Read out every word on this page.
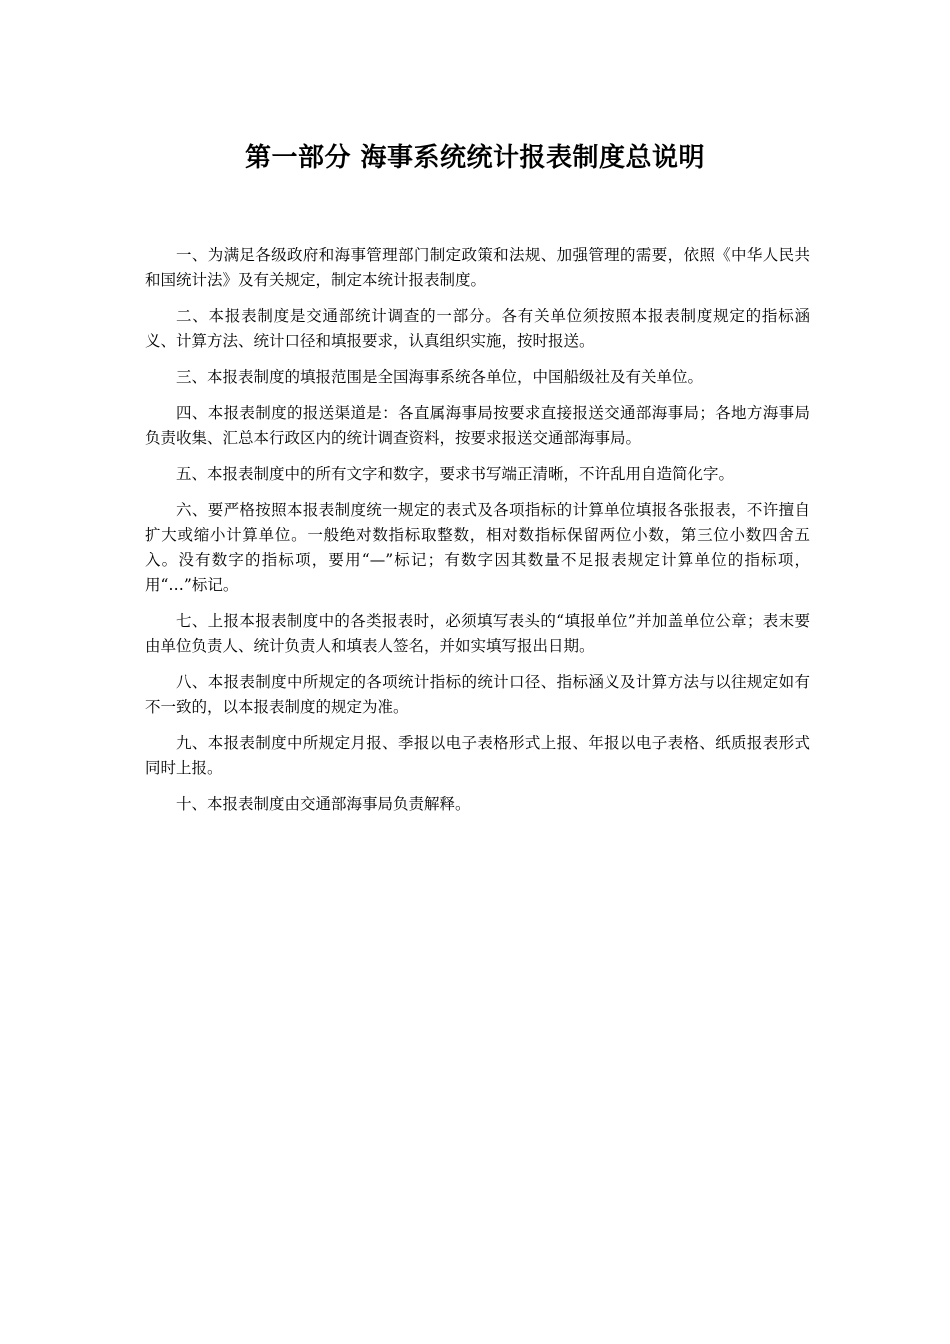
第一部分 海事系统统计报表制度总说明

一、为满足各级政府和海事管理部门制定政策和法规、加强管理的需要，依照《中华人民共和国统计法》及有关规定，制定本统计报表制度。

二、本报表制度是交通部统计调查的一部分。各有关单位须按照本报表制度规定的指标涵义、计算方法、统计口径和填报要求，认真组织实施，按时报送。

三、本报表制度的填报范围是全国海事系统各单位，中国船级社及有关单位。

四、本报表制度的报送渠道是：各直属海事局按要求直接报送交通部海事局；各地方海事局负责收集、汇总本行政区内的统计调查资料，按要求报送交通部海事局。

五、本报表制度中的所有文字和数字，要求书写端正清晰，不许乱用自造简化字。

六、要严格按照本报表制度统一规定的表式及各项指标的计算单位填报各张报表，不许擅自扩大或缩小计算单位。一般绝对数指标取整数，相对数指标保留两位小数，第三位小数四舍五入。没有数字的指标项，要用“—”标记；有数字因其数量不足报表规定计算单位的指标项，用“…”标记。

七、上报本报表制度中的各类报表时，必须填写表头的“填报单位”并加盖单位公章；表末要由单位负责人、统计负责人和填表人签名，并如实填写报出日期。

八、本报表制度中所规定的各项统计指标的统计口径、指标涵义及计算方法与以往规定如有不一致的，以本报表制度的规定为准。

九、本报表制度中所规定月报、季报以电子表格形式上报、年报以电子表格、纸质报表形式同时上报。

十、本报表制度由交通部海事局负责解释。
